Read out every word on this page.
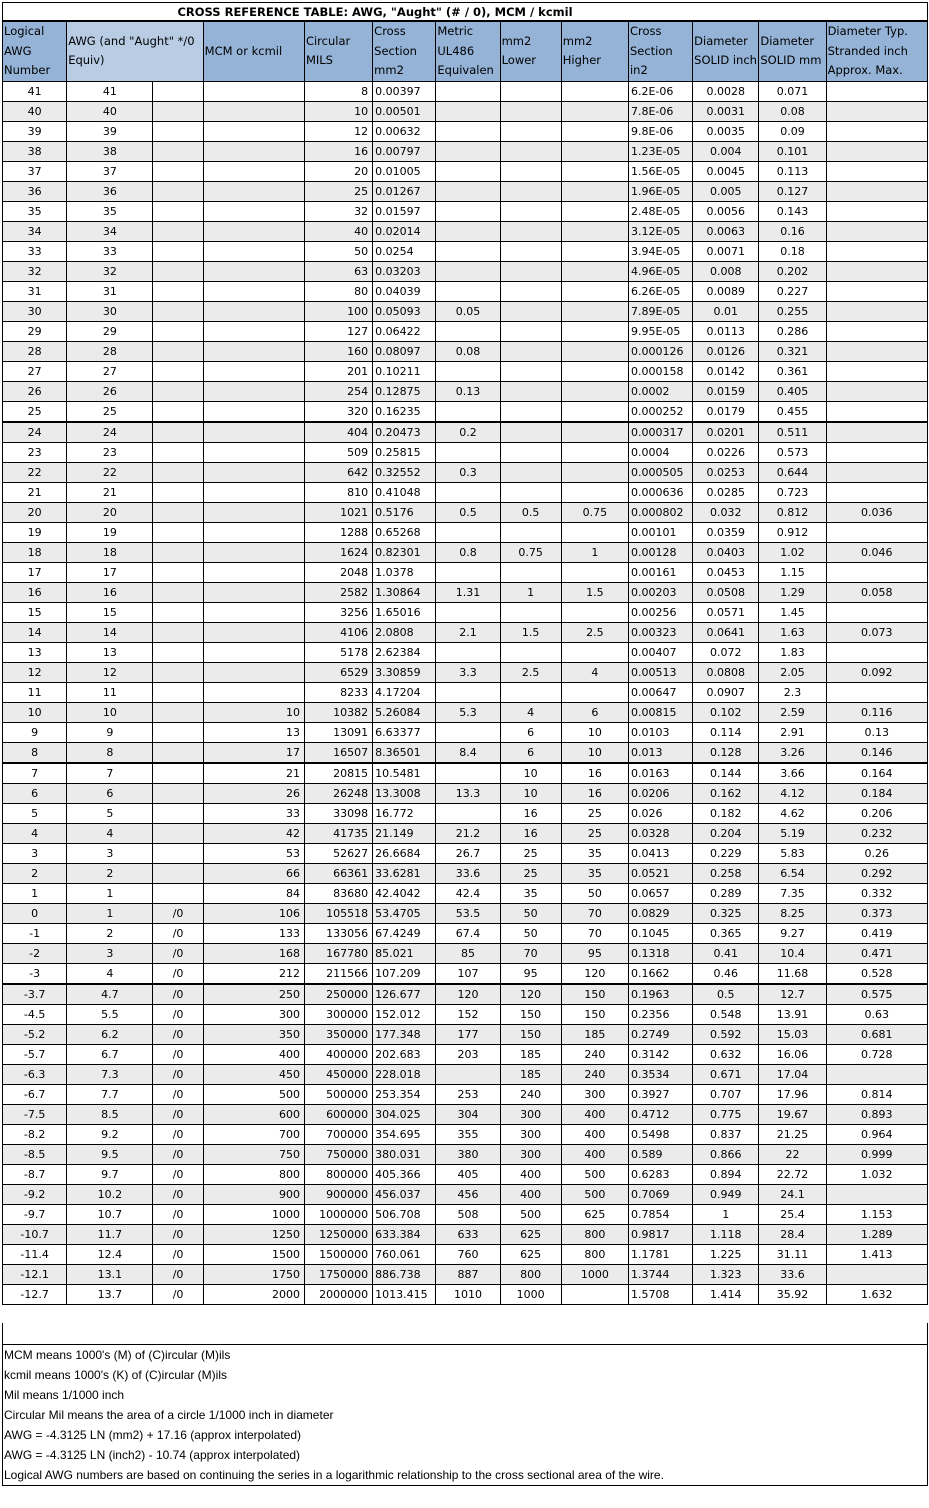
CROSS REFERENCE TABLE: AWG, "Aught" (# / 0), MCM / kcmil
Logical AWG Number	AWG (and "Aught" */0 Equiv)		MCM or kcmil	Circular MILS	Cross Section mm2	Metric UL486 Equivalen	mm2 Lower	mm2 Higher	Cross Section in2	Diameter SOLID inch	Diameter SOLID mm	Diameter Typ. Stranded inch Approx. Max.
41	41			8	0.00397				6.2E-06	0.0028	0.071	
40	40			10	0.00501				7.8E-06	0.0031	0.08	
39	39			12	0.00632				9.8E-06	0.0035	0.09	
38	38			16	0.00797				1.23E-05	0.004	0.101	
37	37			20	0.01005				1.56E-05	0.0045	0.113	
36	36			25	0.01267				1.96E-05	0.005	0.127	
35	35			32	0.01597				2.48E-05	0.0056	0.143	
34	34			40	0.02014				3.12E-05	0.0063	0.16	
33	33			50	0.0254				3.94E-05	0.0071	0.18	
32	32			63	0.03203				4.96E-05	0.008	0.202	
31	31			80	0.04039				6.26E-05	0.0089	0.227	
30	30			100	0.05093	0.05			7.89E-05	0.01	0.255	
29	29			127	0.06422				9.95E-05	0.0113	0.286	
28	28			160	0.08097	0.08			0.000126	0.0126	0.321	
27	27			201	0.10211				0.000158	0.0142	0.361	
26	26			254	0.12875	0.13			0.0002	0.0159	0.405	
25	25			320	0.16235				0.000252	0.0179	0.455	
24	24			404	0.20473	0.2			0.000317	0.0201	0.511	
23	23			509	0.25815				0.0004	0.0226	0.573	
22	22			642	0.32552	0.3			0.000505	0.0253	0.644	
21	21			810	0.41048				0.000636	0.0285	0.723	
20	20			1021	0.5176	0.5	0.5	0.75	0.000802	0.032	0.812	0.036
19	19			1288	0.65268				0.00101	0.0359	0.912	
18	18			1624	0.82301	0.8	0.75	1	0.00128	0.0403	1.02	0.046
17	17			2048	1.0378				0.00161	0.0453	1.15	
16	16			2582	1.30864	1.31	1	1.5	0.00203	0.0508	1.29	0.058
15	15			3256	1.65016				0.00256	0.0571	1.45	
14	14			4106	2.0808	2.1	1.5	2.5	0.00323	0.0641	1.63	0.073
13	13			5178	2.62384				0.00407	0.072	1.83	
12	12			6529	3.30859	3.3	2.5	4	0.00513	0.0808	2.05	0.092
11	11			8233	4.17204				0.00647	0.0907	2.3	
10	10		10	10382	5.26084	5.3	4	6	0.00815	0.102	2.59	0.116
9	9		13	13091	6.63377		6	10	0.0103	0.114	2.91	0.13
8	8		17	16507	8.36501	8.4	6	10	0.013	0.128	3.26	0.146
7	7		21	20815	10.5481		10	16	0.0163	0.144	3.66	0.164
6	6		26	26248	13.3008	13.3	10	16	0.0206	0.162	4.12	0.184
5	5		33	33098	16.772		16	25	0.026	0.182	4.62	0.206
4	4		42	41735	21.149	21.2	16	25	0.0328	0.204	5.19	0.232
3	3		53	52627	26.6684	26.7	25	35	0.0413	0.229	5.83	0.26
2	2		66	66361	33.6281	33.6	25	35	0.0521	0.258	6.54	0.292
1	1		84	83680	42.4042	42.4	35	50	0.0657	0.289	7.35	0.332
0	1	/0	106	105518	53.4705	53.5	50	70	0.0829	0.325	8.25	0.373
-1	2	/0	133	133056	67.4249	67.4	50	70	0.1045	0.365	9.27	0.419
-2	3	/0	168	167780	85.021	85	70	95	0.1318	0.41	10.4	0.471
-3	4	/0	212	211566	107.209	107	95	120	0.1662	0.46	11.68	0.528
-3.7	4.7	/0	250	250000	126.677	120	120	150	0.1963	0.5	12.7	0.575
-4.5	5.5	/0	300	300000	152.012	152	150	150	0.2356	0.548	13.91	0.63
-5.2	6.2	/0	350	350000	177.348	177	150	185	0.2749	0.592	15.03	0.681
-5.7	6.7	/0	400	400000	202.683	203	185	240	0.3142	0.632	16.06	0.728
-6.3	7.3	/0	450	450000	228.018		185	240	0.3534	0.671	17.04	
-6.7	7.7	/0	500	500000	253.354	253	240	300	0.3927	0.707	17.96	0.814
-7.5	8.5	/0	600	600000	304.025	304	300	400	0.4712	0.775	19.67	0.893
-8.2	9.2	/0	700	700000	354.695	355	300	400	0.5498	0.837	21.25	0.964
-8.5	9.5	/0	750	750000	380.031	380	300	400	0.589	0.866	22	0.999
-8.7	9.7	/0	800	800000	405.366	405	400	500	0.6283	0.894	22.72	1.032
-9.2	10.2	/0	900	900000	456.037	456	400	500	0.7069	0.949	24.1	
-9.7	10.7	/0	1000	1000000	506.708	508	500	625	0.7854	1	25.4	1.153
-10.7	11.7	/0	1250	1250000	633.384	633	625	800	0.9817	1.118	28.4	1.289
-11.4	12.4	/0	1500	1500000	760.061	760	625	800	1.1781	1.225	31.11	1.413
-12.1	13.1	/0	1750	1750000	886.738	887	800	1000	1.3744	1.323	33.6	
-12.7	13.7	/0	2000	2000000	1013.415	1010	1000		1.5708	1.414	35.92	1.632
MCM means 1000's (M) of (C)ircular (M)ils
kcmil means 1000's (K) of (C)ircular (M)ils
Mil means 1/1000 inch
Circular Mil means the area of a circle 1/1000 inch in diameter
AWG = -4.3125 LN (mm2) + 17.16 (approx interpolated)
AWG = -4.3125 LN (inch2) - 10.74 (approx interpolated)
Logical AWG numbers are based on continuing the series in a logarithmic relationship to the cross sectional area of the wire.
